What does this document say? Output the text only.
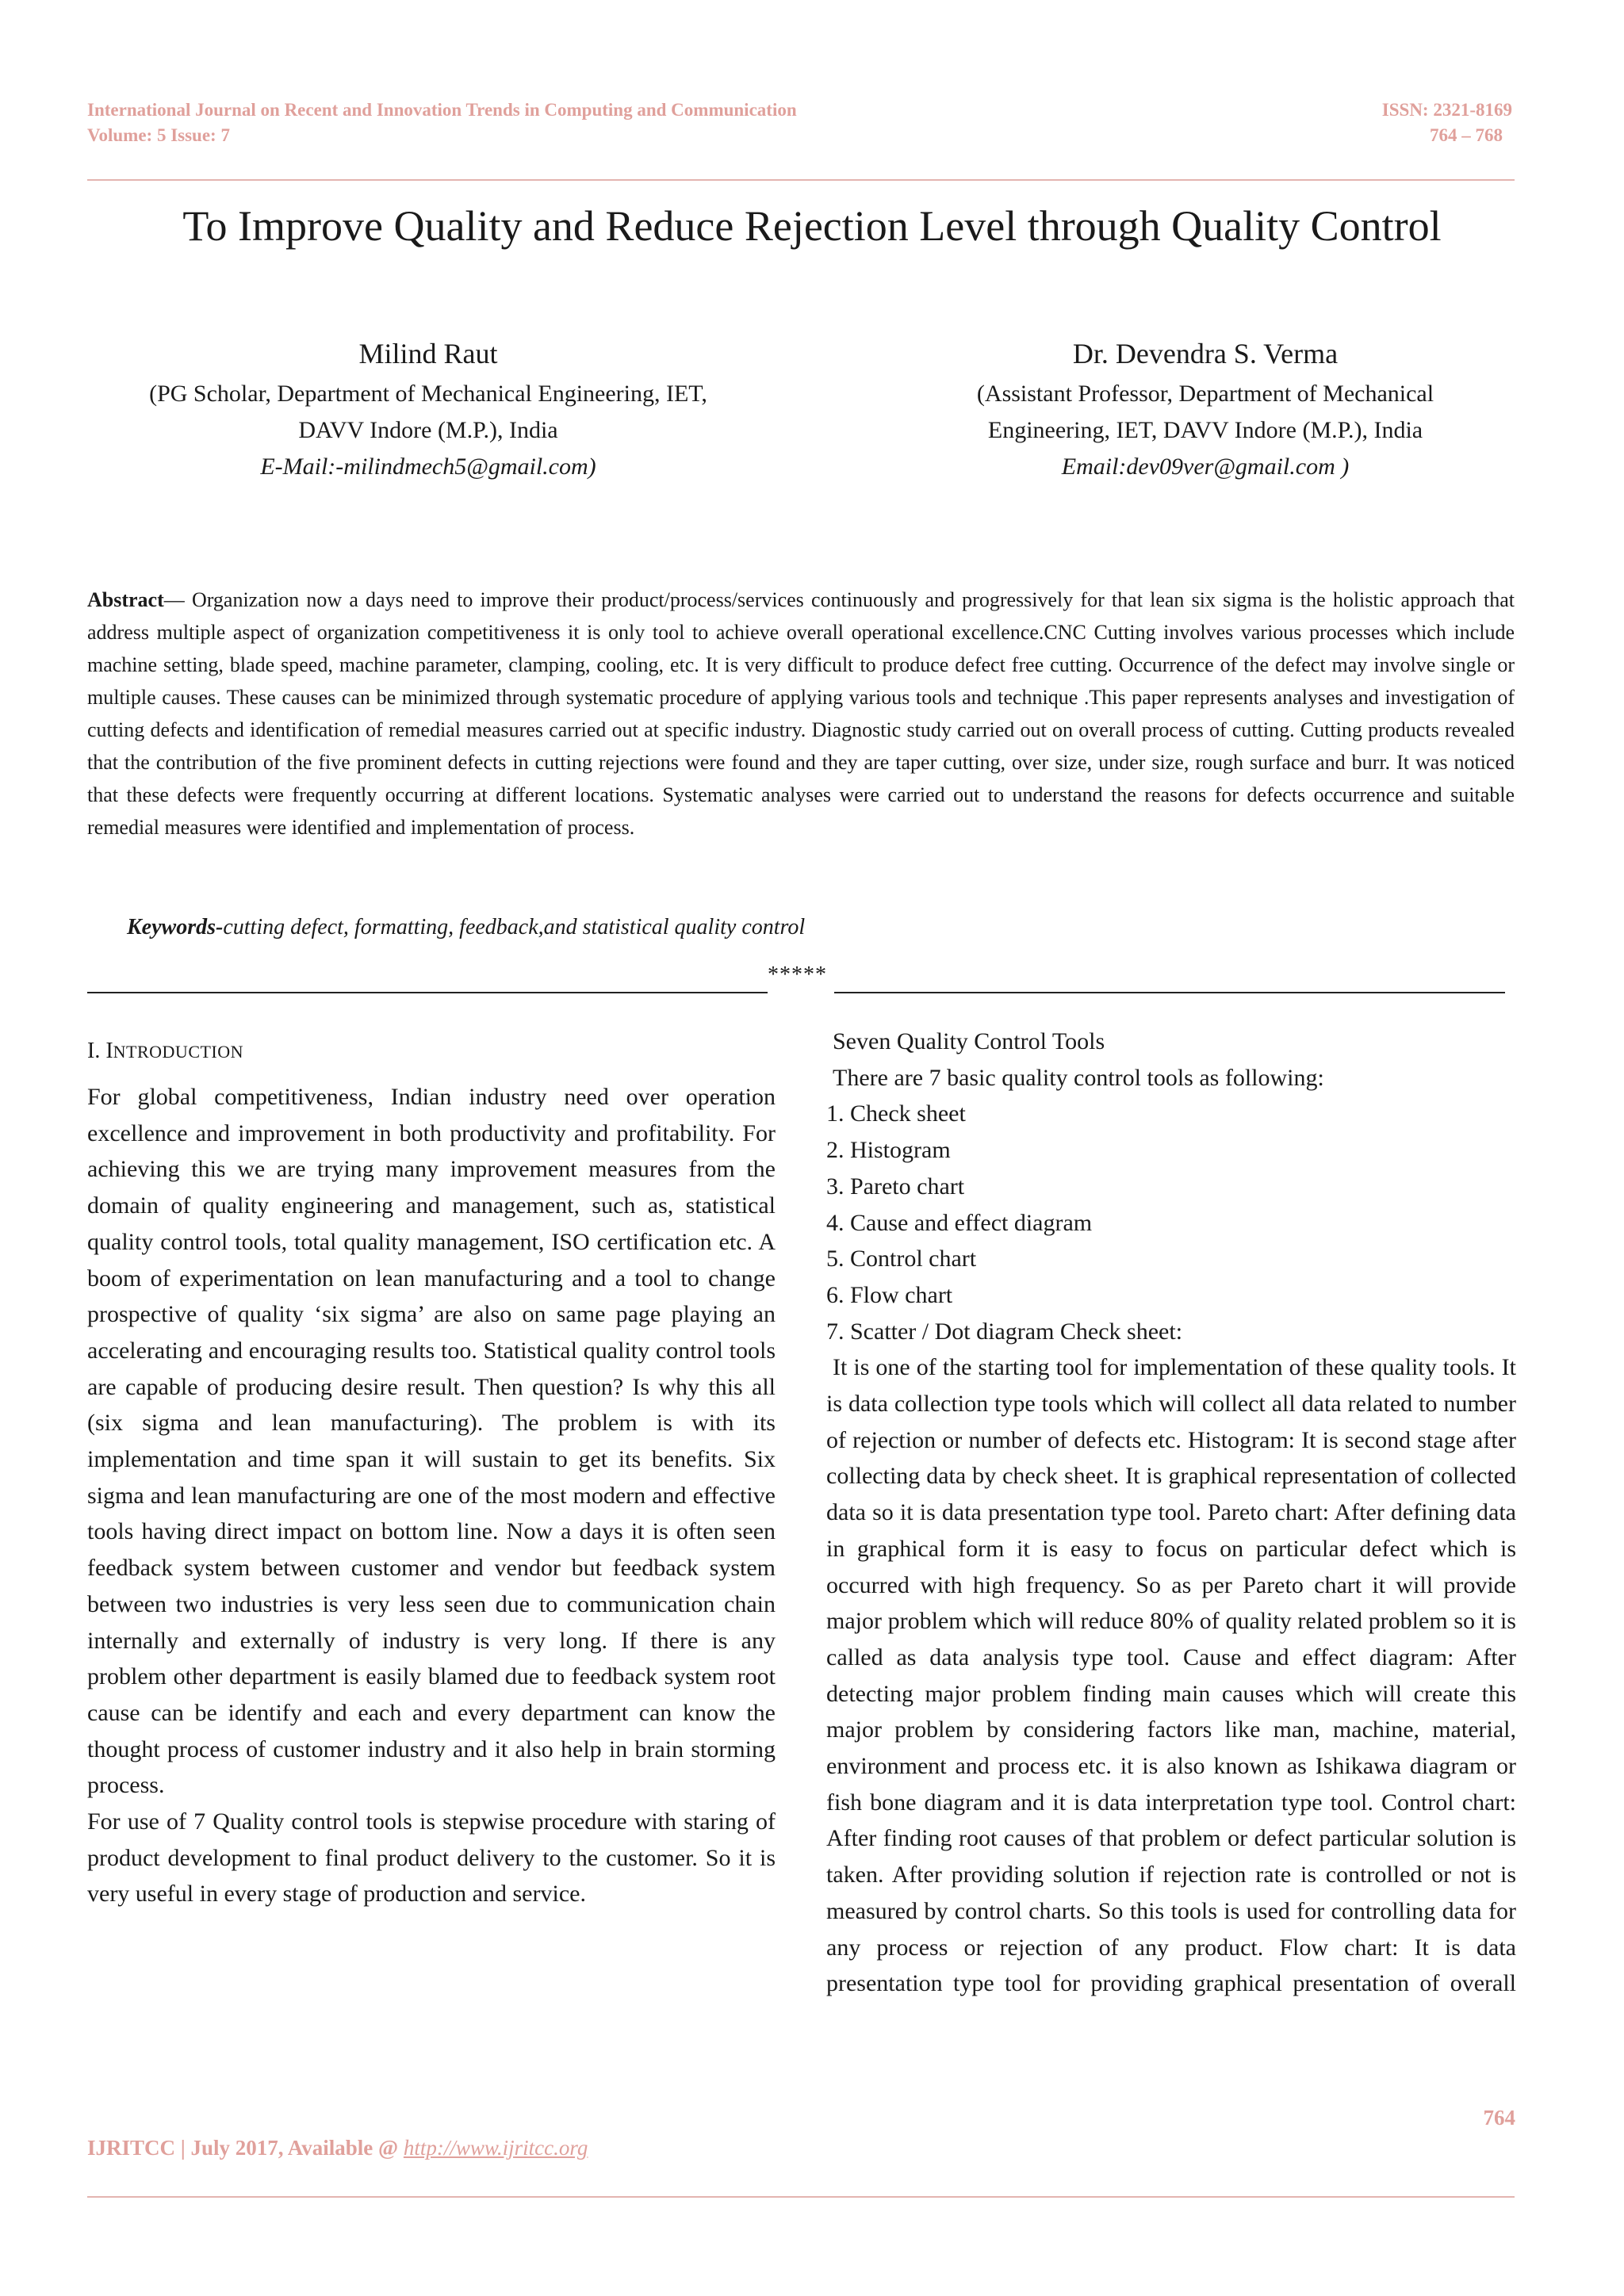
International Journal on Recent and Innovation Trends in Computing and Communication
Volume: 5 Issue: 7
ISSN: 2321-8169
764 – 768
To Improve Quality and Reduce Rejection Level through Quality Control
Milind Raut
(PG Scholar, Department of Mechanical Engineering, IET,
DAVV Indore (M.P.), India
E-Mail:-milindmech5@gmail.com)
Dr. Devendra S. Verma
(Assistant Professor, Department of Mechanical
Engineering, IET, DAVV Indore (M.P.), India
Email:dev09ver@gmail.com )
Abstract— Organization now a days need to improve their product/process/services continuously and progressively for that lean six sigma is the holistic approach that address multiple aspect of organization competitiveness it is only tool to achieve overall operational excellence.CNC Cutting involves various processes which include machine setting, blade speed, machine parameter, clamping, cooling, etc. It is very difficult to produce defect free cutting. Occurrence of the defect may involve single or multiple causes. These causes can be minimized through systematic procedure of applying various tools and technique .This paper represents analyses and investigation of cutting defects and identification of remedial measures carried out at specific industry. Diagnostic study carried out on overall process of cutting. Cutting products revealed that the contribution of the five prominent defects in cutting rejections were found and they are taper cutting, over size, under size, rough surface and burr. It was noticed that these defects were frequently occurring at different locations. Systematic analyses were carried out to understand the reasons for defects occurrence and suitable remedial measures were identified and implementation of process.
Keywords-cutting defect, formatting, feedback,and statistical quality control
*****

I. INTRODUCTION

For global competitiveness, Indian industry need over operation excellence and improvement in both productivity and profitability. For achieving this we are trying many improvement measures from the domain of quality engineering and management, such as, statistical quality control tools, total quality management, ISO certification etc. A boom of experimentation on lean manufacturing and a tool to change prospective of quality ‘six sigma’ are also on same page playing an accelerating and encouraging results too. Statistical quality control tools are capable of producing desire result. Then question? Is why this all (six sigma and lean manufacturing). The problem is with its implementation and time span it will sustain to get its benefits. Six sigma and lean manufacturing are one of the most modern and effective tools having direct impact on bottom line. Now a days it is often seen feedback system between customer and vendor but feedback system between two industries is very less seen due to communication chain internally and externally of industry is very long. If there is any problem other department is easily blamed due to feedback system root cause can be identify and each and every department can know the thought process of customer industry and it also help in brain storming process.

For use of 7 Quality control tools is stepwise procedure with staring of product development to final product delivery to the customer. So it is very useful in every stage of production and service.

Seven Quality Control Tools

There are 7 basic quality control tools as following:

1. Check sheet

2. Histogram

3. Pareto chart

4. Cause and effect diagram

5. Control chart

6. Flow chart

7. Scatter / Dot diagram Check sheet:

It is one of the starting tool for implementation of these quality tools. It is data collection type tools which will collect all data related to number of rejection or number of defects etc. Histogram: It is second stage after collecting data by check sheet. It is graphical representation of collected data so it is data presentation type tool. Pareto chart: After defining data in graphical form it is easy to focus on particular defect which is occurred with high frequency. So as per Pareto chart it will provide major problem which will reduce 80% of quality related problem so it is called as data analysis type tool. Cause and effect diagram: After detecting major problem finding main causes which will create this major problem by considering factors like man, machine, material, environment and process etc. it is also known as Ishikawa diagram or fish bone diagram and it is data interpretation type tool. Control chart: After finding root causes of that problem or defect particular solution is taken. After providing solution if rejection rate is controlled or not is measured by control charts. So this tools is used for controlling data for any process or rejection of any product. Flow chart: It is data presentation type tool for providing graphical presentation of overall

764
IJRITCC | July 2017, Available @ http://www.ijritcc.org
